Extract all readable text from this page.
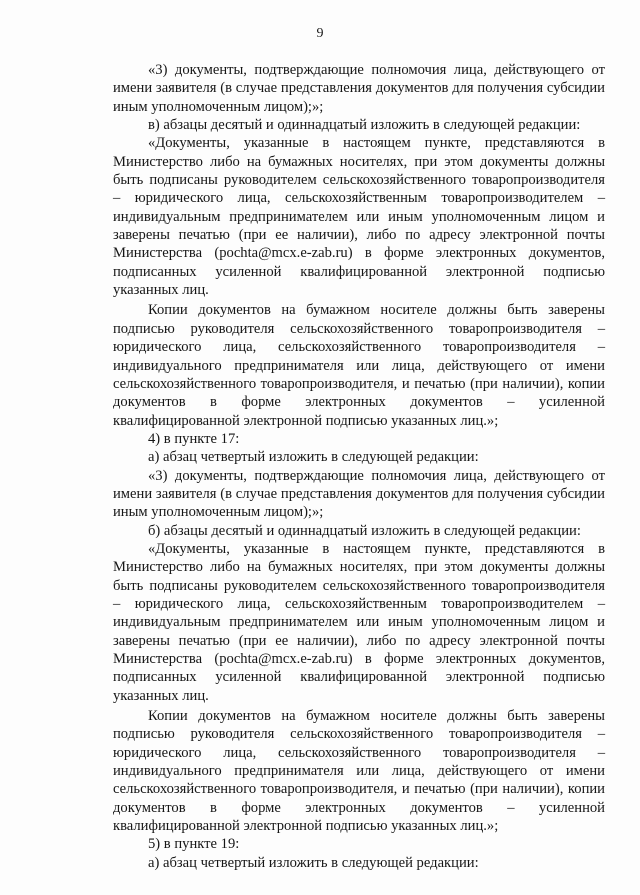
9

«3) документы, подтверждающие полномочия лица, действующего от имени заявителя (в случае представления документов для получения субсидии иным уполномоченным лицом);»;

в) абзацы десятый и одиннадцатый изложить в следующей редакции:

«Документы, указанные в настоящем пункте, представляются в Министерство либо на бумажных носителях, при этом документы должны быть подписаны руководителем сельскохозяйственного товаропроизводителя – юридического лица, сельскохозяйственным товаропроизводителем – индивидуальным предпринимателем или иным уполномоченным лицом и заверены печатью (при ее наличии), либо по адресу электронной почты Министерства (pochta@mcx.e-zab.ru) в форме электронных документов, подписанных усиленной квалифицированной электронной подписью указанных лиц.

Копии документов на бумажном носителе должны быть заверены подписью руководителя сельскохозяйственного товаропроизводителя – юридического лица, сельскохозяйственного товаропроизводителя – индивидуального предпринимателя или лица, действующего от имени сельскохозяйственного товаропроизводителя, и печатью (при наличии), копии документов в форме электронных документов – усиленной квалифицированной электронной подписью указанных лиц.»;

4) в пункте 17:

а) абзац четвертый изложить в следующей редакции:

«3) документы, подтверждающие полномочия лица, действующего от имени заявителя (в случае представления документов для получения субсидии иным уполномоченным лицом);»;

б) абзацы десятый и одиннадцатый изложить в следующей редакции:

«Документы, указанные в настоящем пункте, представляются в Министерство либо на бумажных носителях, при этом документы должны быть подписаны руководителем сельскохозяйственного товаропроизводителя – юридического лица, сельскохозяйственным товаропроизводителем – индивидуальным предпринимателем или иным уполномоченным лицом и заверены печатью (при ее наличии), либо по адресу электронной почты Министерства (pochta@mcx.e-zab.ru) в форме электронных документов, подписанных усиленной квалифицированной электронной подписью указанных лиц.

Копии документов на бумажном носителе должны быть заверены подписью руководителя сельскохозяйственного товаропроизводителя – юридического лица, сельскохозяйственного товаропроизводителя – индивидуального предпринимателя или лица, действующего от имени сельскохозяйственного товаропроизводителя, и печатью (при наличии), копии документов в форме электронных документов – усиленной квалифицированной электронной подписью указанных лиц.»;

5) в пункте 19:

а) абзац четвертый изложить в следующей редакции:
